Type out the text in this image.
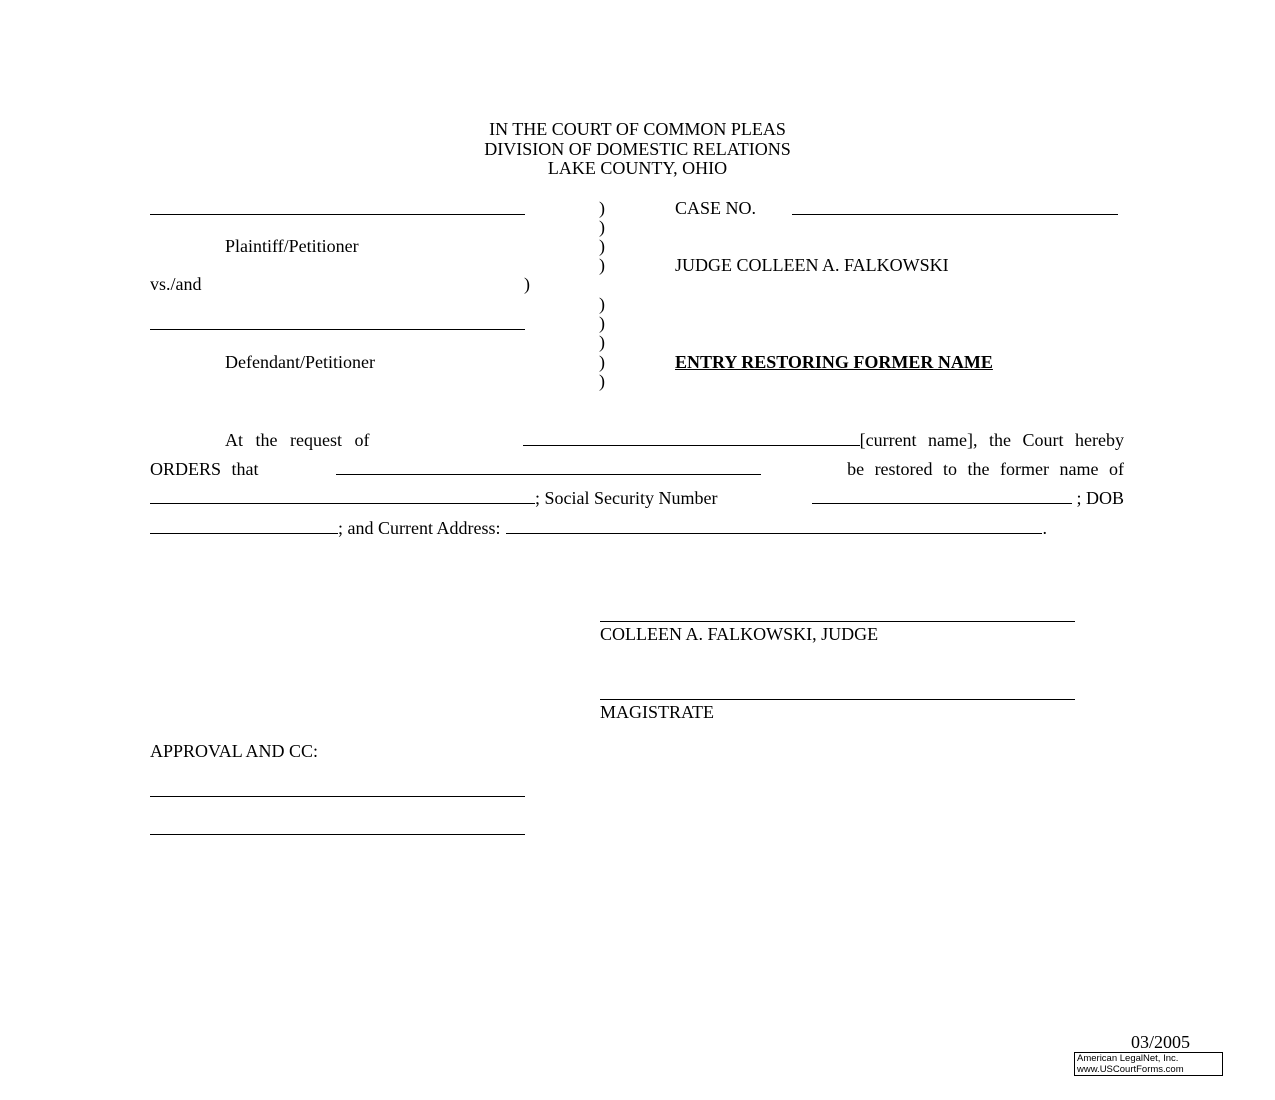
IN THE COURT OF COMMON PLEAS
DIVISION OF DOMESTIC RELATIONS
LAKE COUNTY, OHIO
Plaintiff/Petitioner
vs./and	)
Defendant/Petitioner
)
)
)
)
)
)
)
)
)
CASE NO.
JUDGE COLLEEN A. FALKOWSKI
ENTRY RESTORING FORMER NAME
At the request of	[current name], the Court hereby
ORDERS that	be restored to the former name of
; Social Security Number	; DOB
; and Current Address:	.
COLLEEN A. FALKOWSKI, JUDGE
MAGISTRATE
APPROVAL AND CC:
03/2005
American LegalNet, Inc.
www.USCourtForms.com
